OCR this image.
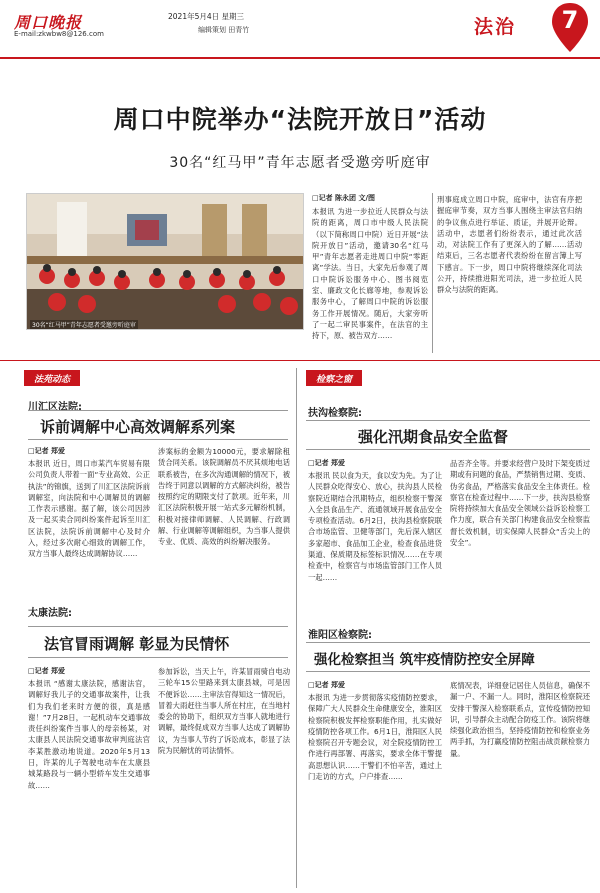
周口晚报
E-mail:zkwbw8@126.com
2021年5月4日 星期三
编辑策划 田青竹	法治	7
周口中院举办“法院开放日”活动
30名“红马甲”青年志愿者受邀旁听庭审
30名“红马甲”青年志愿者受邀旁听庭审
□记者 陈永团 文/图
本报讯 为进一步拉近人民群众与法院的距离，周口市中级人民法院（以下简称周口中院）近日开展“法院开放日”活动，邀请30名“红马甲”青年志愿者走进周口中院“零距离”学法。当日，大家先后参观了周口中院诉讼服务中心、图书阅览室、廉政文化长廊等地，参观诉讼服务中心，了解周口中院的诉讼服务工作开展情况。随后，大家旁听了一起二审民事案件，在法官的主持下，原、被告双方……
刑事庭成立周口中院，庭审中，法官有序把握庭审节奏，双方当事人围绕主审法官归纳的争议焦点进行举证、质证，并展开论辩。活动中，志愿者们纷纷表示，通过此次活动，对法院工作有了更深入的了解……活动结束后，三名志愿者代表纷纷在留言簿上写下感言。下一步，周口中院将继续深化司法公开，持续推进阳光司法，进一步拉近人民群众与法院的距离。
法苑动态
川汇区法院:
诉前调解中心高效调解系列案
□记者 郑爱
本报讯 近日，周口市某汽车贸易有限公司负责人带着一面“专业高效、公正执法”的锦旗，送到了川汇区法院诉前调解室，向法院和中心调解员的调解工作表示感谢。据了解，该公司因涉及一起买卖合同纠纷案件起诉至川汇区法院，法院诉前调解中心及时介入，经过多次耐心细致的调解工作，双方当事人最终达成调解协议……
涉案标的金额为10000元，要求解除租赁合同关系。该院调解员不厌其烦地电话联系被告，在多次沟通调解的情况下，被告终于同意以调解的方式解决纠纷，被告按照约定的期限支付了款项。近年来，川汇区法院积极开展一站式多元解纷机制，积极对接律师调解、人民调解、行政调解、行业调解等调解组织，为当事人提供专业、优质、高效的纠纷解决服务。
太康法院:
法官冒雨调解 彰显为民情怀
□记者 郑爱
本报讯 “感谢太康法院，感谢法官，调解好我儿子的交通事故案件，让我们为我们老来时方便的很，真是感谢！”7月28日，一起机动车交通事故责任纠纷案件当事人的母亲杨某，对太康县人民法院交通事故审判庭法官李某胜激动地说道。2020年5月13日，许某的儿子驾驶电动车在太康县城某路段与一辆小型轿车发生交通事故……
参加诉讼，当天上午，许某冒雨骑自电动三轮车15公里路来到太康县城，可是因不便诉讼……主审法官得知这一情况后，冒着大雨赶往当事人所在村庄，在当地村委会的协助下，组织双方当事人就地进行调解，最终促成双方当事人达成了调解协议，为当事人节约了诉讼成本，彰显了法院为民解忧的司法情怀。
检察之窗
扶沟检察院:
强化汛期食品安全监督
□记者 郑爱
本报讯 民以食为天，食以安为先。为了让人民群众吃得安心、放心，扶沟县人民检察院近期结合汛期特点，组织检察干警深入全县食品生产、流通领域开展食品安全专项检查活动。6月2日，扶沟县检察院联合市场监管、卫健等部门，先后深入辖区多家超市、食品加工企业，检查食品进货渠道、保质期及标签标识情况……在专项检查中，检察官与市场监管部门工作人员一起……
品否齐全等。并要求经营户及时下架变质过期或有问题的食品，严禁销售过期、变质、伪劣食品，严格落实食品安全主体责任。检察官在检查过程中……下一步，扶沟县检察院将持续加大食品安全领域公益诉讼检察工作力度，联合有关部门构建食品安全检察监督长效机制，切实保障人民群众“舌尖上的安全”。
淮阳区检察院:
强化检察担当 筑牢疫情防控安全屏障
□记者 郑爱
本报讯 为进一步贯彻落实疫情防控要求，保障广大人民群众生命健康安全，淮阳区检察院积极发挥检察职能作用，扎实做好疫情防控各项工作。6月1日，淮阳区人民检察院召开专题会议，对全院疫情防控工作进行再部署、再落实，要求全体干警提高思想认识……干警们不怕辛苦，通过上门走访的方式，户户排查……
底情况表，详细登记居住人员信息，确保不漏一户、不漏一人。同时，淮阳区检察院还安排干警深入检察联系点，宣传疫情防控知识，引导群众主动配合防疫工作。该院将继续强化政治担当，坚持疫情防控和检察业务两手抓，为打赢疫情防控阻击战贡献检察力量。
